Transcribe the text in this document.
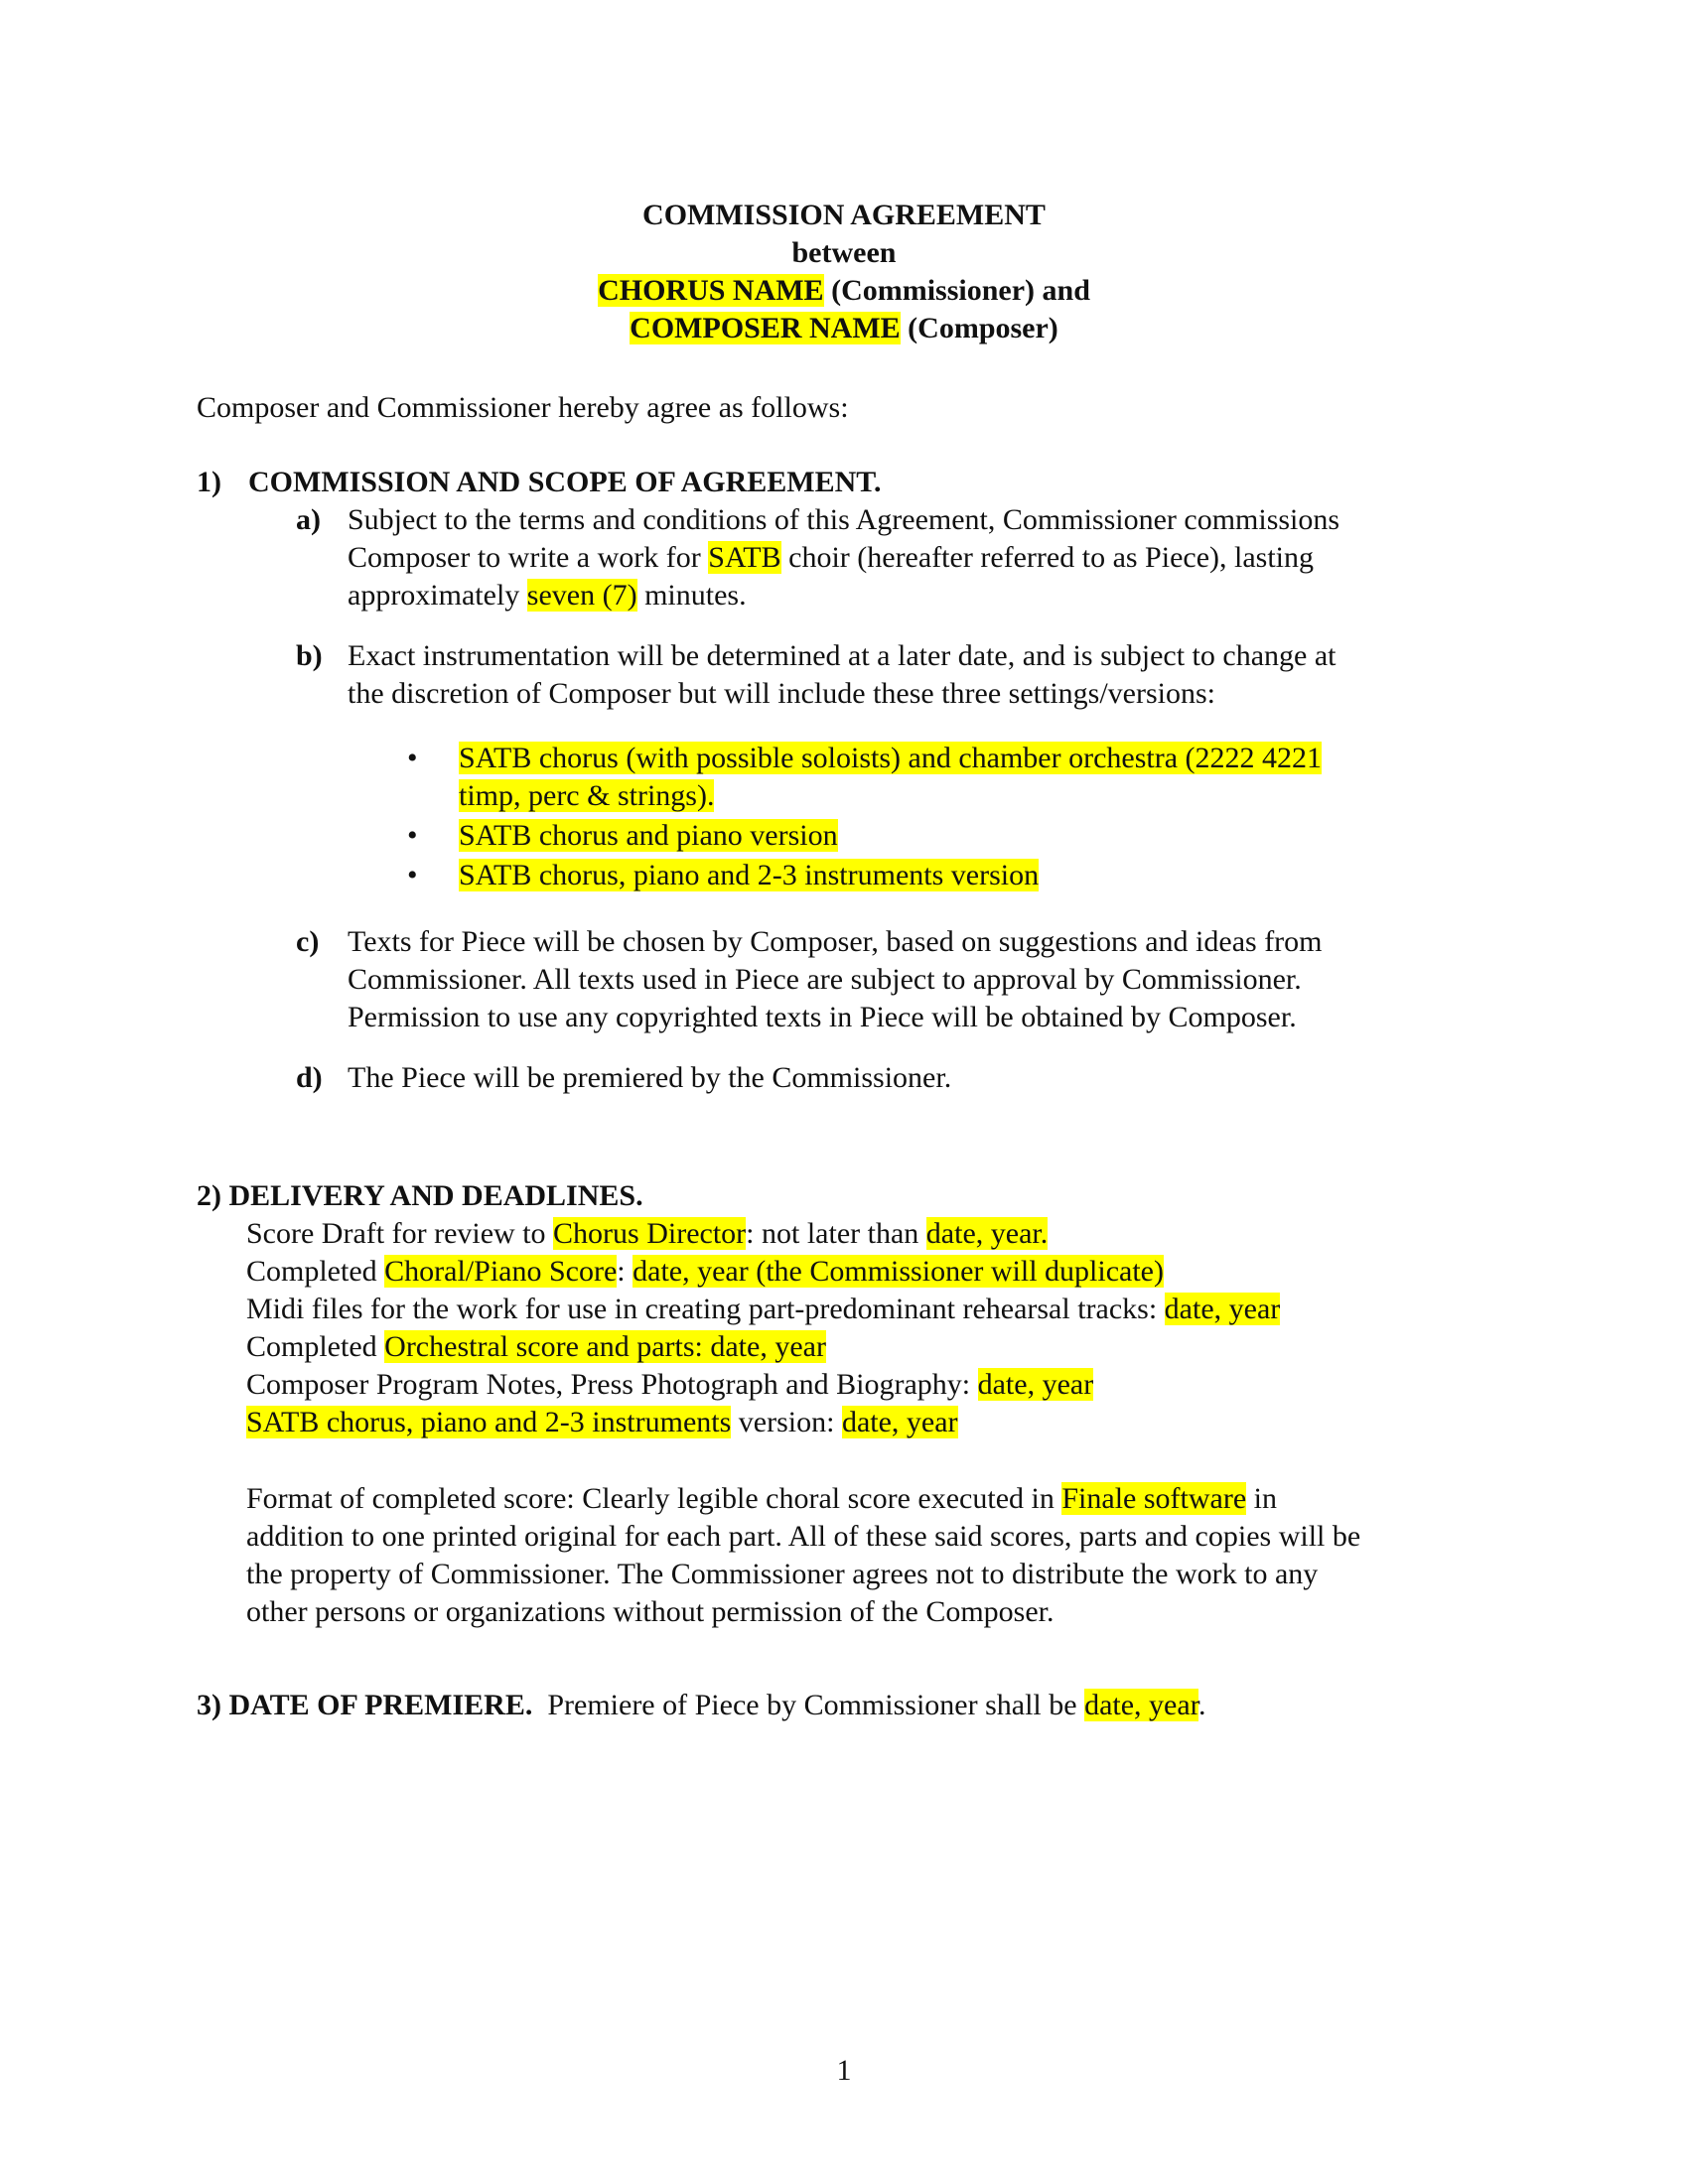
COMMISSION AGREEMENT
between
CHORUS NAME (Commissioner) and
COMPOSER NAME (Composer)
Composer and Commissioner hereby agree as follows:
1) COMMISSION AND SCOPE OF AGREEMENT.
a) Subject to the terms and conditions of this Agreement, Commissioner commissions
Composer to write a work for SATB choir (hereafter referred to as Piece), lasting
approximately seven (7) minutes.
b) Exact instrumentation will be determined at a later date, and is subject to change at
the discretion of Composer but will include these three settings/versions:
• SATB chorus (with possible soloists) and chamber orchestra (2222 4221
timp, perc & strings).
• SATB chorus and piano version
• SATB chorus, piano and 2-3 instruments version
c) Texts for Piece will be chosen by Composer, based on suggestions and ideas from
Commissioner. All texts used in Piece are subject to approval by Commissioner.
Permission to use any copyrighted texts in Piece will be obtained by Composer.
d) The Piece will be premiered by the Commissioner.
2) DELIVERY AND DEADLINES.
Score Draft for review to Chorus Director: not later than date, year.
Completed Choral/Piano Score: date, year (the Commissioner will duplicate)
Midi files for the work for use in creating part-predominant rehearsal tracks: date, year
Completed Orchestral score and parts: date, year
Composer Program Notes, Press Photograph and Biography: date, year
SATB chorus, piano and 2-3 instruments version: date, year
Format of completed score: Clearly legible choral score executed in Finale software in
addition to one printed original for each part. All of these said scores, parts and copies will be
the property of Commissioner. The Commissioner agrees not to distribute the work to any
other persons or organizations without permission of the Composer.
3) DATE OF PREMIERE.  Premiere of Piece by Commissioner shall be date, year.
1
